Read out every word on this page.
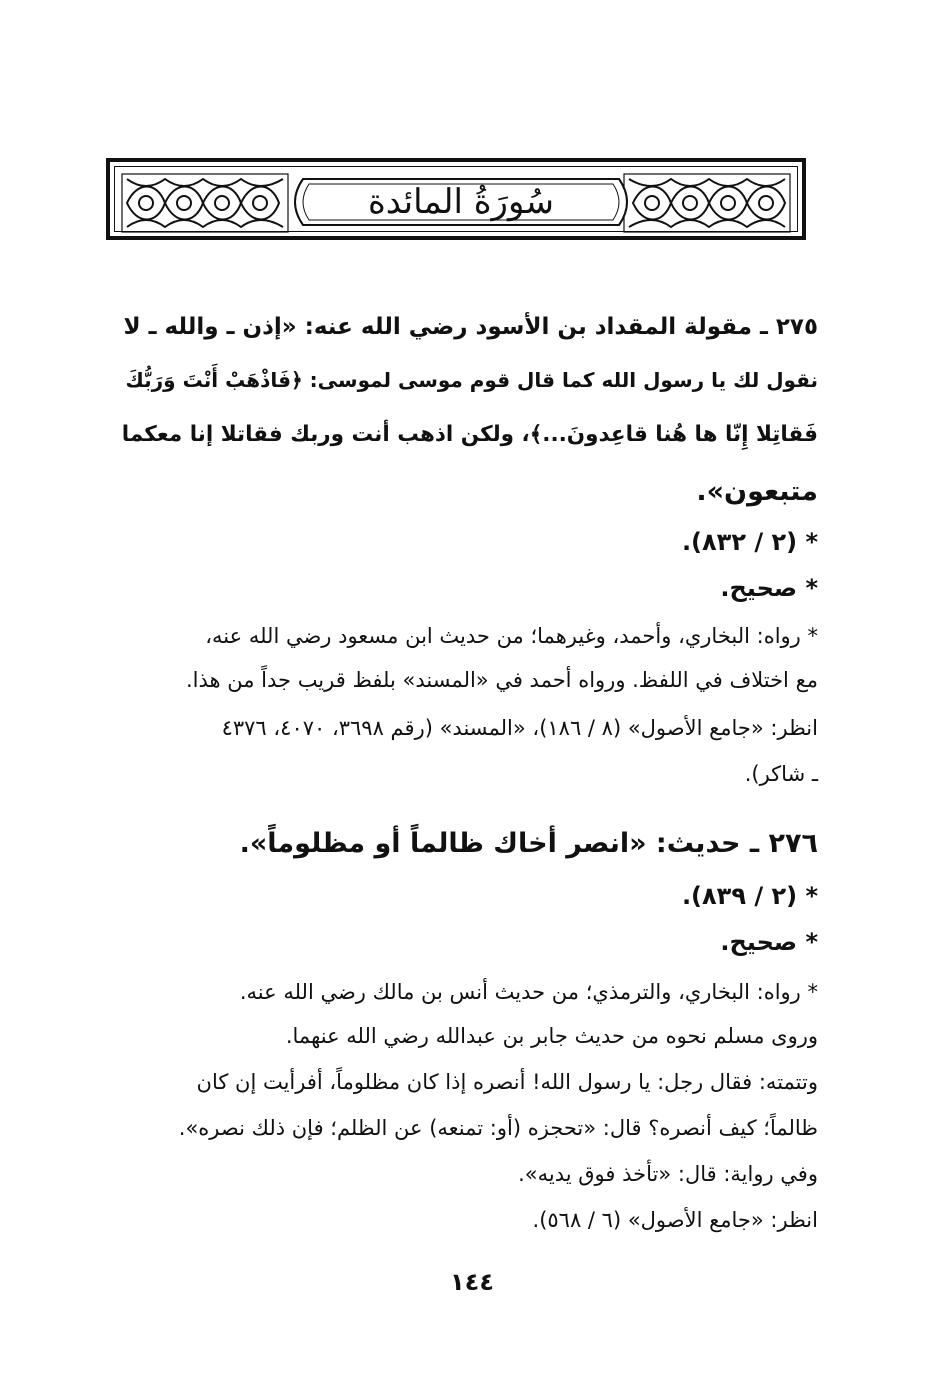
سُورَةُ المائدة
٢٧٥ ـ مقولة المقداد بن الأسود رضي الله عنه: «إذن ـ والله ـ لا
نقول لك يا رسول الله كما قال قوم موسى لموسى: ﴿فَاذْهَبْ أَنْتَ وَرَبُّكَ
فَقاتِلا إِنّا ها هُنا قاعِدونَ...﴾، ولكن اذهب أنت وربك فقاتلا إنا معكما
متبعون».
* (٢ / ٨٣٢).
* صحيح.
* رواه: البخاري، وأحمد، وغيرهما؛ من حديث ابن مسعود رضي الله عنه،
مع اختلاف في اللفظ. ورواه أحمد في «المسند» بلفظ قريب جداً من هذا.
انظر: «جامع الأصول» (٨ / ١٨٦)، «المسند» (رقم ٣٦٩٨، ٤٠٧٠، ٤٣٧٦
ـ شاكر).
٢٧٦ ـ حديث: «انصر أخاك ظالماً أو مظلوماً».
* (٢ / ٨٣٩).
* صحيح.
* رواه: البخاري، والترمذي؛ من حديث أنس بن مالك رضي الله عنه.
وروى مسلم نحوه من حديث جابر بن عبدالله رضي الله عنهما.
وتتمته: فقال رجل: يا رسول الله! أنصره إذا كان مظلوماً، أفرأيت إن كان
ظالماً؛ كيف أنصره؟ قال: «تحجزه (أو: تمنعه) عن الظلم؛ فإن ذلك نصره».
وفي رواية: قال: «تأخذ فوق يديه».
انظر: «جامع الأصول» (٦ / ٥٦٨).
١٤٤
